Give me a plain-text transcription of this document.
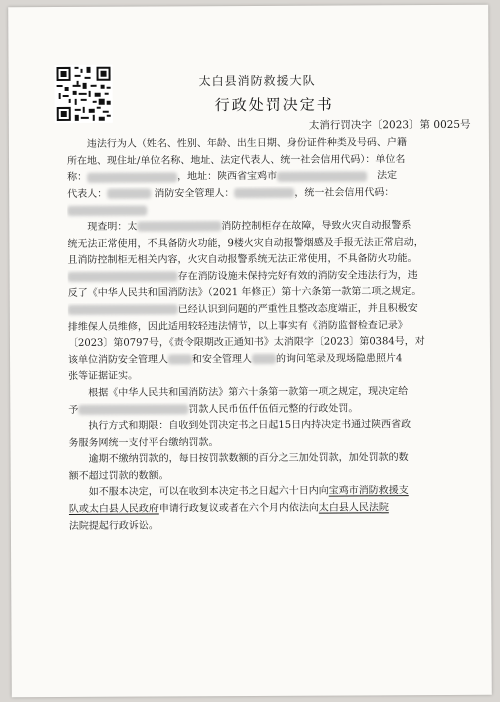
太白县消防救援大队
行政处罚决定书
太消行罚决字〔2023〕第 0025号
违法行为人（姓名、性别、年龄、出生日期、身份证件种类及号码、户籍
所在地、现住址/单位名称、地址、法定代表人、统一社会信用代码）：单位名
称：	，地址：陕西省宝鸡市	法定
代表人：	消防安全管理人：	，统一社会信用代码：
现查明：太	消防控制柜存在故障，导致火灾自动报警系
统无法正常使用，不具备防火功能，9楼火灾自动报警烟感及手报无法正常启动，
且消防控制柜无相关内容，火灾自动报警系统无法正常使用，不具备防火功能。
存在消防设施未保持完好有效的消防安全违法行为，违
反了《中华人民共和国消防法》（2021 年修正）第十六条第一款第二项之规定。
已经认识到问题的严重性且整改态度端正，并且积极安
排维保人员维修，因此适用较轻违法情节，以上事实有《消防监督检查记录》
〔2023〕第0797号，《责令限期改正通知书》太消限字〔2023〕第0384号，对
该单位消防安全管理人 和安全管理人 的询问笔录及现场隐患照片4
张等证据证实。
根据《中华人民共和国消防法》第六十条第一款第一项之规定，现决定给
予	罚款人民币伍仟伍佰元整的行政处罚。
执行方式和期限：自收到处罚决定书之日起15日内持决定书通过陕西省政
务服务网统一支付平台缴纳罚款。
逾期不缴纳罚款的，每日按罚款数额的百分之三加处罚款，加处罚款的数
额不超过罚款的数额。
如不服本决定，可以在收到本决定书之日起六十日内向宝鸡市消防救援支
队或太白县人民政府申请行政复议或者在六个月内依法向太白县人民法院
法院提起行政诉讼。
